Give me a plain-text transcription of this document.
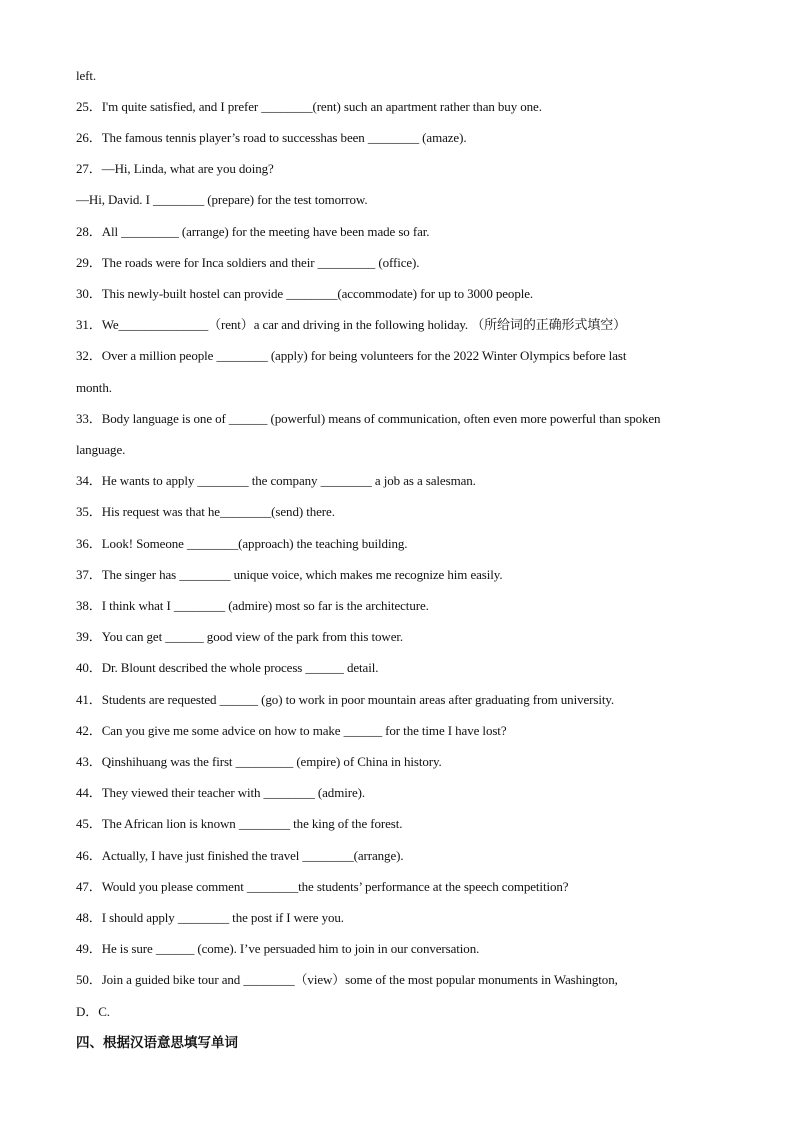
left.
25．I'm quite satisfied, and I prefer ________(rent) such an apartment rather than buy one.
26．The famous tennis player’s road to successhas been ________ (amaze).
27．—Hi, Linda, what are you doing?
—Hi, David. I ________ (prepare) for the test tomorrow.
28．All _________ (arrange) for the meeting have been made so far.
29．The roads were for Inca soldiers and their _________ (office).
30．This newly-built hostel can provide ________(accommodate) for up to 3000 people.
31．We______________（rent）a car and driving in the following holiday. （所给词的正确形式填空）
32．Over a million people ________ (apply) for being volunteers for the 2022 Winter Olympics before last
month.
33．Body language is one of ______ (powerful) means of communication, often even more powerful than spoken
language.
34．He wants to apply ________ the company ________ a job as a salesman.
35．His request was that he________(send) there.
36．Look! Someone ________(approach) the teaching building.
37．The singer has ________ unique voice, which makes me recognize him easily.
38．I think what I ________ (admire) most so far is the architecture.
39．You can get ______ good view of the park from this tower.
40．Dr. Blount described the whole process ______ detail.
41．Students are requested ______ (go) to work in poor mountain areas after graduating from university.
42．Can you give me some advice on how to make ______ for the time I have lost?
43．Qinshihuang was the first _________ (empire) of China in history.
44．They viewed their teacher with ________ (admire).
45．The African lion is known ________ the king of the forest.
46．Actually, I have just finished the travel ________(arrange).
47．Would you please comment ________the students’ performance at the speech competition?
48．I should apply ________ the post if I were you.
49．He is sure ______ (come). I’ve persuaded him to join in our conversation.
50．Join a guided bike tour and ________（view）some of the most popular monuments in Washington,
D．C.
四、根据汉语意思填写单词
